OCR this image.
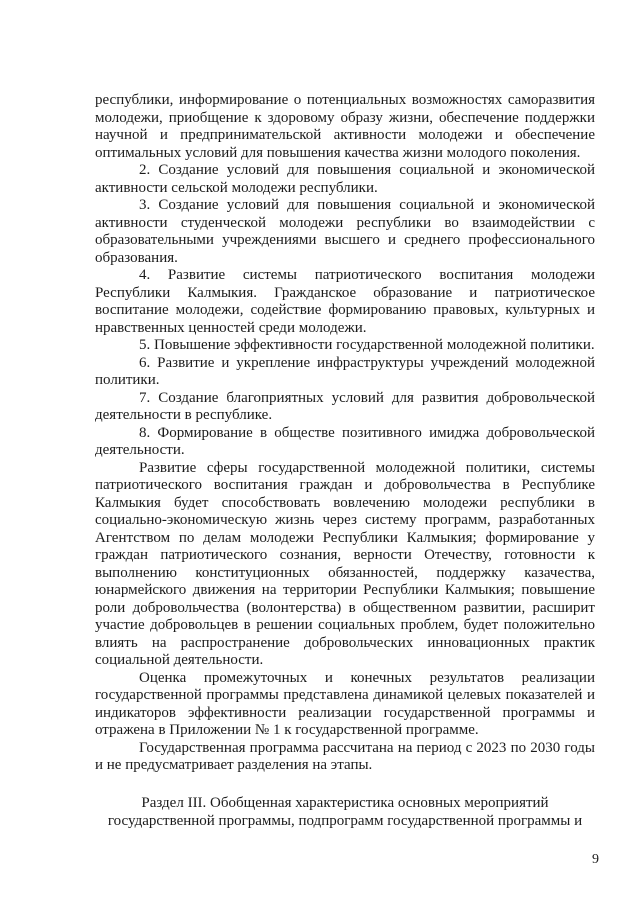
республики, информирование о потенциальных возможностях саморазвития молодежи, приобщение к здоровому образу жизни, обеспечение поддержки научной и предпринимательской активности молодежи и обеспечение оптимальных условий для повышения качества жизни молодого поколения.

2. Создание условий для повышения социальной и экономической активности сельской молодежи республики.

3. Создание условий для повышения социальной и экономической активности студенческой молодежи республики во взаимодействии с образовательными учреждениями высшего и среднего профессионального образования.

4. Развитие системы патриотического воспитания молодежи Республики Калмыкия. Гражданское образование и патриотическое воспитание молодежи, содействие формированию правовых, культурных и нравственных ценностей среди молодежи.

5. Повышение эффективности государственной молодежной политики.

6. Развитие и укрепление инфраструктуры учреждений молодежной политики.

7. Создание благоприятных условий для развития добровольческой деятельности в республике.

8. Формирование в обществе позитивного имиджа добровольческой деятельности.

Развитие сферы государственной молодежной политики, системы патриотического воспитания граждан и добровольчества в Республике Калмыкия будет способствовать вовлечению молодежи республики в социально-экономическую жизнь через систему программ, разработанных Агентством по делам молодежи Республики Калмыкия; формирование у граждан патриотического сознания, верности Отечеству, готовности к выполнению конституционных обязанностей, поддержку казачества, юнармейского движения на территории Республики Калмыкия; повышение роли добровольчества (волонтерства) в общественном развитии, расширит участие добровольцев в решении социальных проблем, будет положительно влиять на распространение добровольческих инновационных практик социальной деятельности.

Оценка промежуточных и конечных результатов реализации государственной программы представлена динамикой целевых показателей и индикаторов эффективности реализации государственной программы и отражена в Приложении № 1 к государственной программе.

Государственная программа рассчитана на период с 2023 по 2030 годы и не предусматривает разделения на этапы.

Раздел III. Обобщенная характеристика основных мероприятий
государственной программы, подпрограмм государственной программы и
9
